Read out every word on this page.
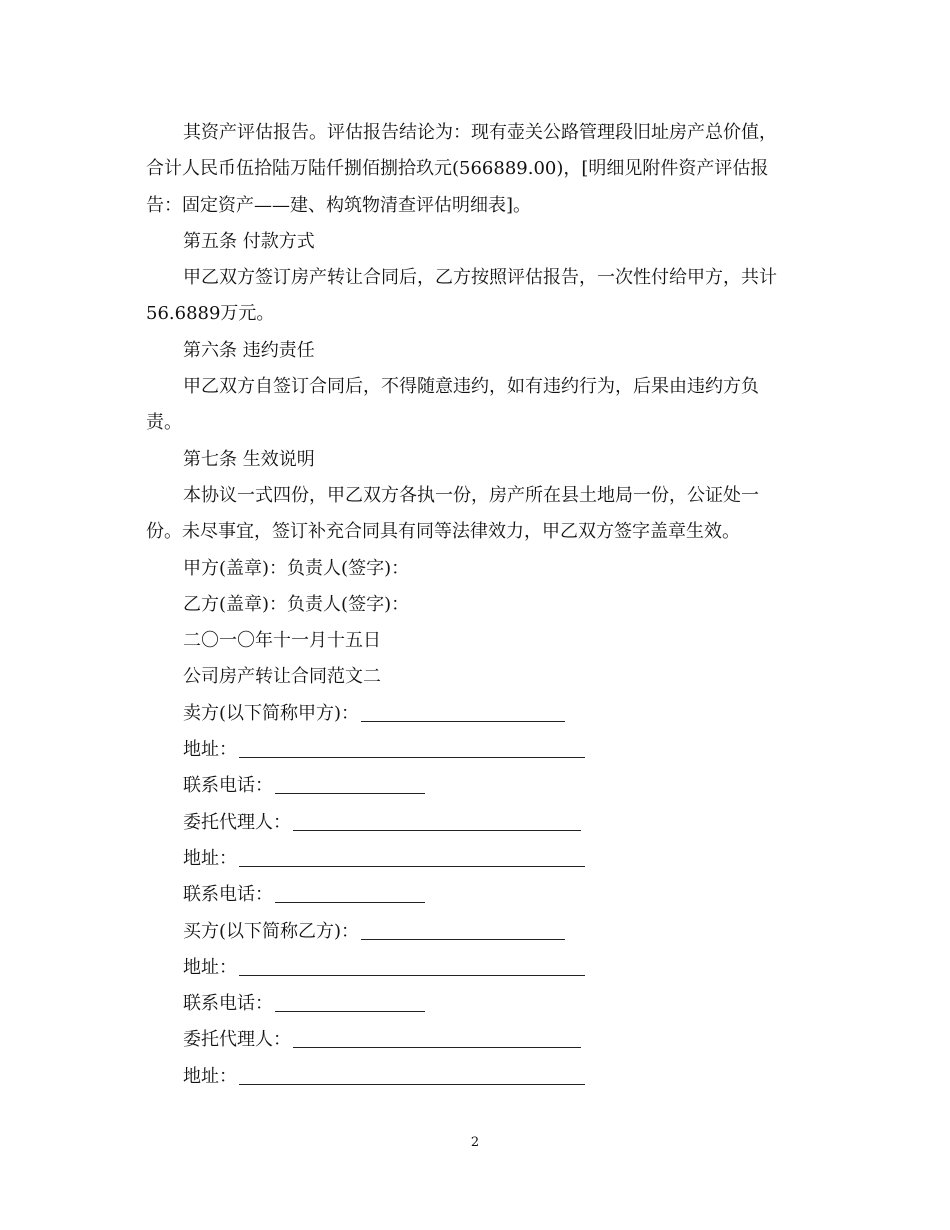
其资产评估报告。评估报告结论为：现有壶关公路管理段旧址房产总价值，
合计人民币伍拾陆万陆仟捌佰捌拾玖元(566889.00)，[明细见附件资产评估报
告：固定资产——建、构筑物清查评估明细表]。
第五条 付款方式
甲乙双方签订房产转让合同后，乙方按照评估报告，一次性付给甲方，共计
56.6889万元。
第六条 违约责任
甲乙双方自签订合同后，不得随意违约，如有违约行为，后果由违约方负
责。
第七条 生效说明
本协议一式四份，甲乙双方各执一份，房产所在县土地局一份，公证处一
份。未尽事宜，签订补充合同具有同等法律效力，甲乙双方签字盖章生效。
甲方(盖章)：负责人(签字)：
乙方(盖章)：负责人(签字)：
二〇一〇年十一月十五日
公司房产转让合同范文二
卖方(以下简称甲方)：
地址：
联系电话：
委托代理人：
地址：
联系电话：
买方(以下简称乙方)：
地址：
联系电话：
委托代理人：
地址：
2
